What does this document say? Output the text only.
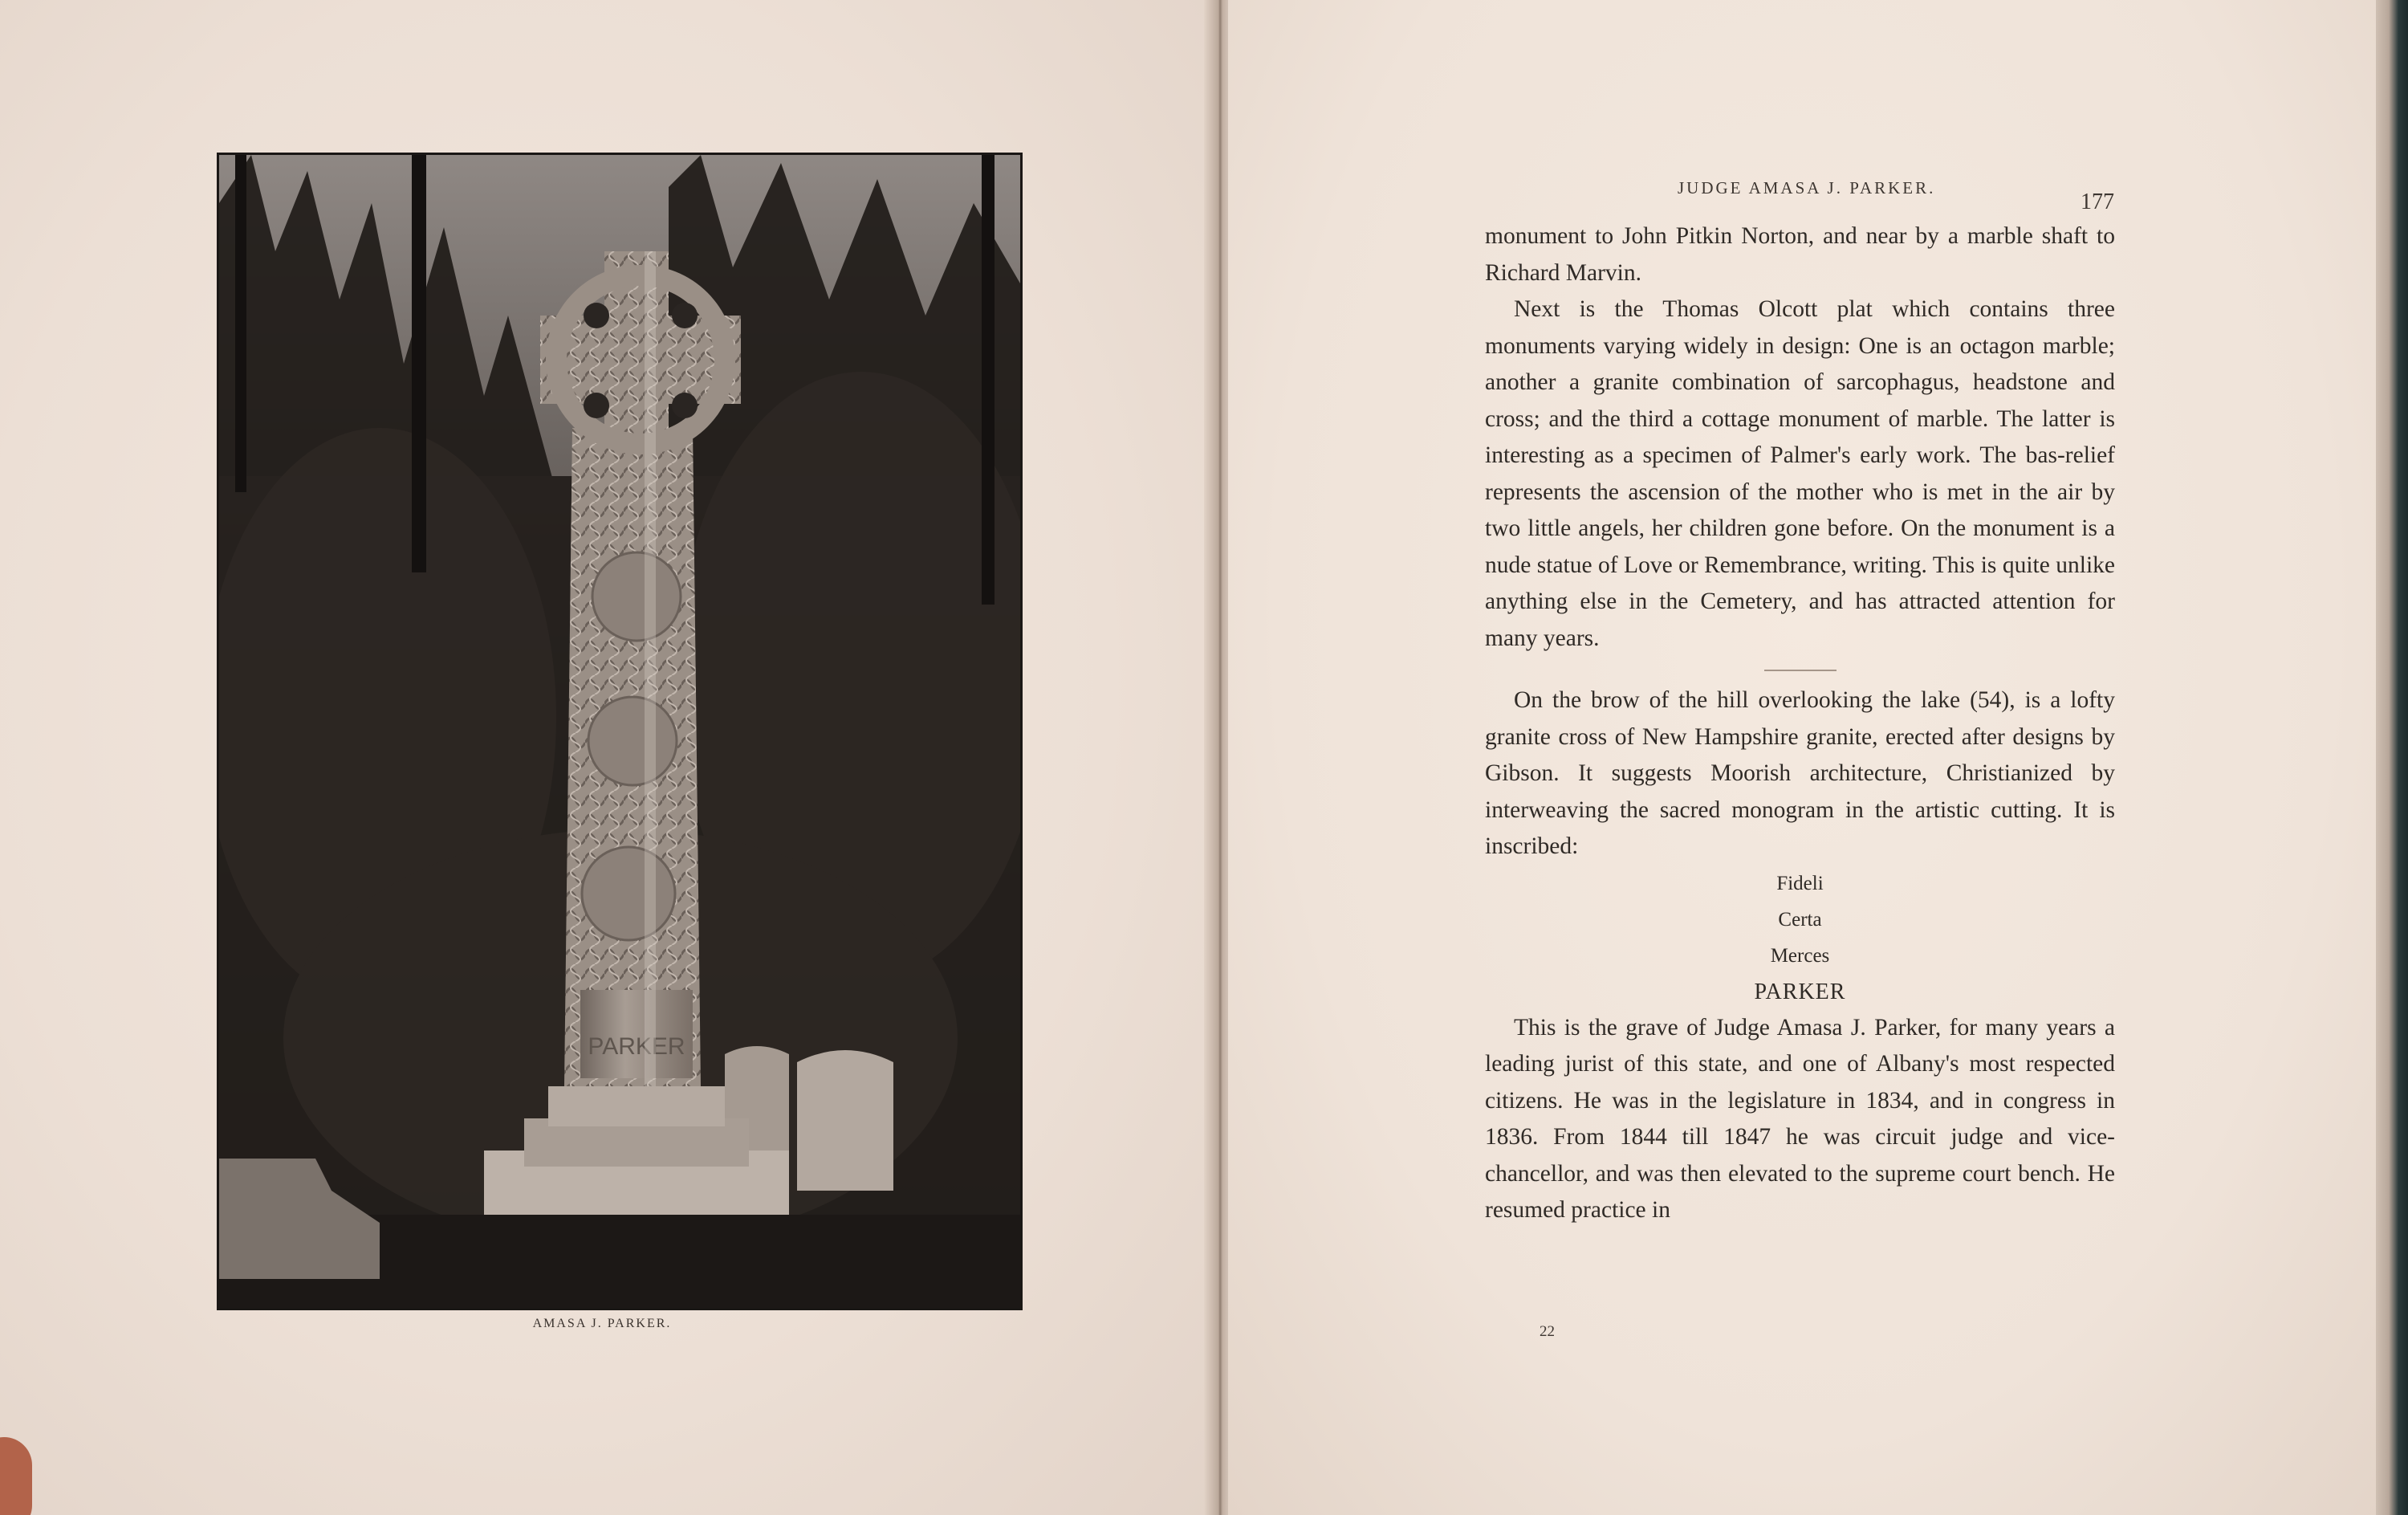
PARKER
AMASA J. PARKER.
JUDGE AMASA J. PARKER.
177

monument to John Pitkin Norton, and near by a marble shaft to Richard Marvin.

Next is the Thomas Olcott plat which contains three monuments varying widely in design: One is an octagon marble; another a granite combination of sarcophagus, headstone and cross; and the third a cottage monument of marble. The latter is interesting as a specimen of Palmer's early work. The bas-relief represents the ascension of the mother who is met in the air by two little angels, her children gone before. On the monument is a nude statue of Love or Remembrance, writing. This is quite unlike anything else in the Cemetery, and has attracted attention for many years.

On the brow of the hill overlooking the lake (54), is a lofty granite cross of New Hampshire granite, erected after designs by Gibson. It suggests Moorish architecture, Christianized by interweaving the sacred monogram in the artistic cutting. It is inscribed:

Fideli
Certa
Merces
PARKER

This is the grave of Judge Amasa J. Parker, for many years a leading jurist of this state, and one of Albany's most respected citizens. He was in the legislature in 1834, and in congress in 1836. From 1844 till 1847 he was circuit judge and vice-chancellor, and was then elevated to the supreme court bench. He resumed practice in

22
